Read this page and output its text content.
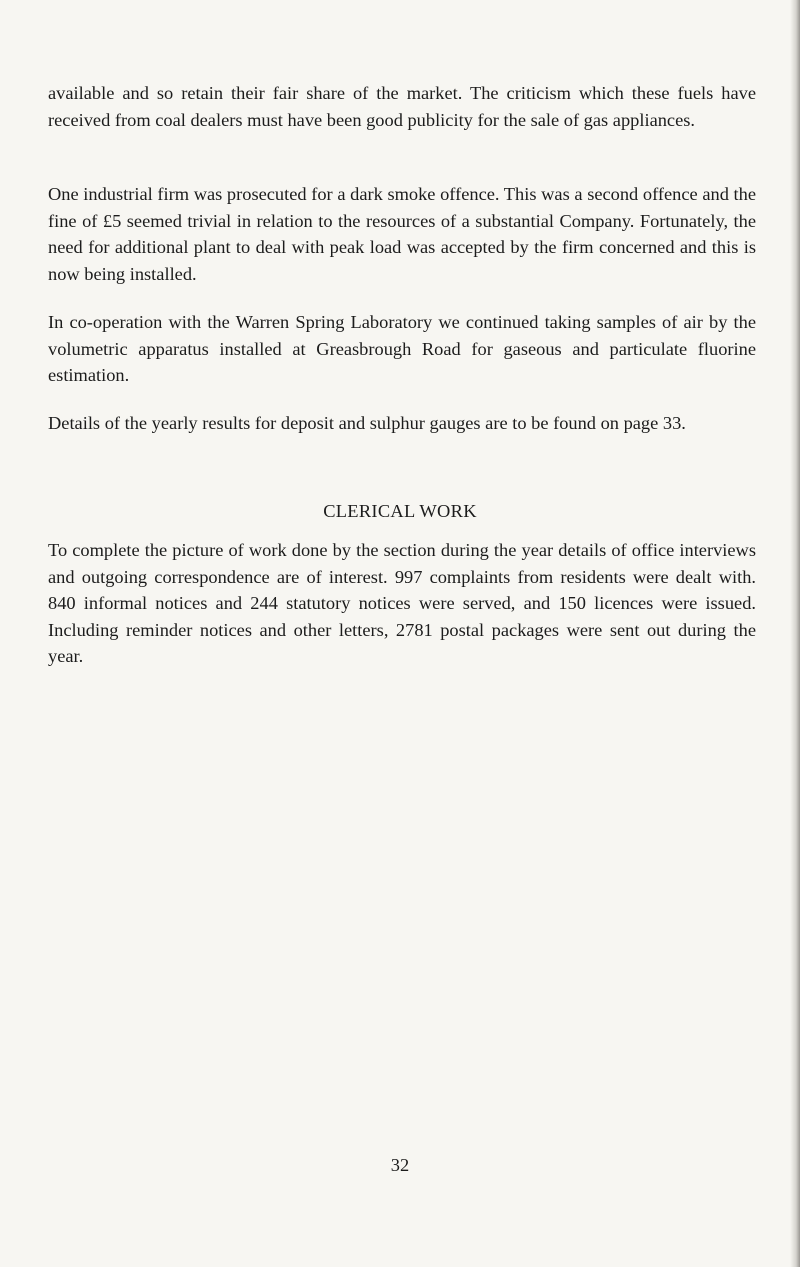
available and so retain their fair share of the market. The criticism which these fuels have received from coal dealers must have been good publicity for the sale of gas appliances.

One industrial firm was prosecuted for a dark smoke offence. This was a second offence and the fine of £5 seemed trivial in relation to the resources of a substantial Company. Fortunately, the need for additional plant to deal with peak load was accepted by the firm concerned and this is now being installed.

In co-operation with the Warren Spring Laboratory we continued taking samples of air by the volumetric apparatus installed at Greasbrough Road for gaseous and particulate fluorine estimation.

Details of the yearly results for deposit and sulphur gauges are to be found on page 33.

CLERICAL WORK

To complete the picture of work done by the section during the year details of office interviews and outgoing correspondence are of interest. 997 complaints from residents were dealt with. 840 informal notices and 244 statutory notices were served, and 150 licences were issued. Including reminder notices and other letters, 2781 postal packages were sent out during the year.

32
